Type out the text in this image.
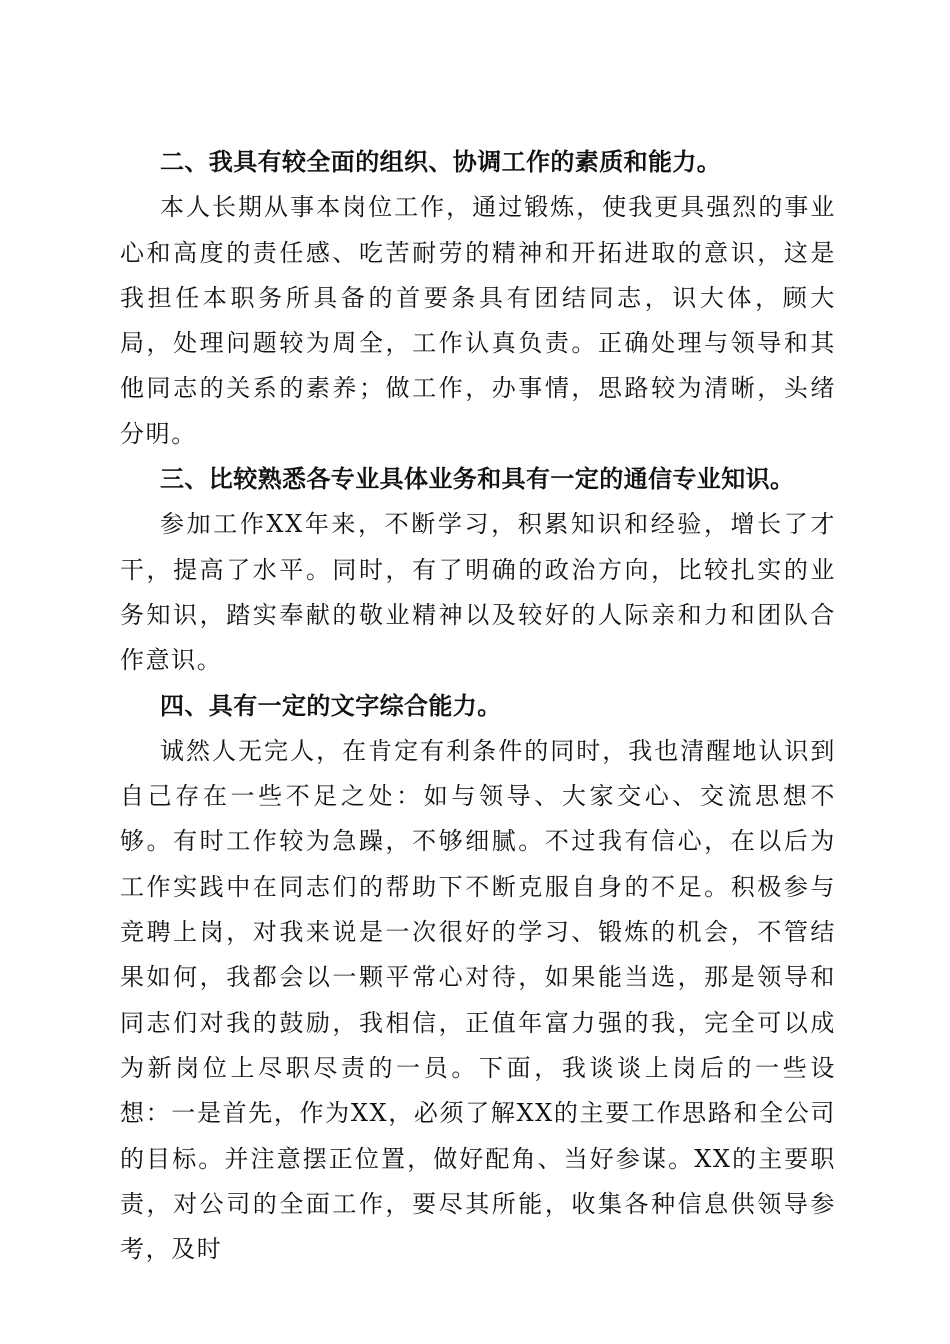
二、我具有较全面的组织、协调工作的素质和能力。

本人长期从事本岗位工作，通过锻炼，使我更具强烈的事业心和高度的责任感、吃苦耐劳的精神和开拓进取的意识，这是我担任本职务所具备的首要条具有团结同志，识大体，顾大局，处理问题较为周全，工作认真负责。正确处理与领导和其他同志的关系的素养；做工作，办事情，思路较为清晰，头绪分明。

三、比较熟悉各专业具体业务和具有一定的通信专业知识。

参加工作XX年来，不断学习，积累知识和经验，增长了才干，提高了水平。同时，有了明确的政治方向，比较扎实的业务知识，踏实奉献的敬业精神以及较好的人际亲和力和团队合作意识。

四、具有一定的文字综合能力。

诚然人无完人，在肯定有利条件的同时，我也清醒地认识到自己存在一些不足之处：如与领导、大家交心、交流思想不够。有时工作较为急躁，不够细腻。不过我有信心，在以后为工作实践中在同志们的帮助下不断克服自身的不足。积极参与竞聘上岗，对我来说是一次很好的学习、锻炼的机会，不管结果如何，我都会以一颗平常心对待，如果能当选，那是领导和同志们对我的鼓励，我相信，正值年富力强的我，完全可以成为新岗位上尽职尽责的一员。下面，我谈谈上岗后的一些设想：一是首先，作为XX，必须了解XX的主要工作思路和全公司的目标。并注意摆正位置，做好配角、当好参谋。XX的主要职责，对公司的全面工作，要尽其所能，收集各种信息供领导参考，及时
